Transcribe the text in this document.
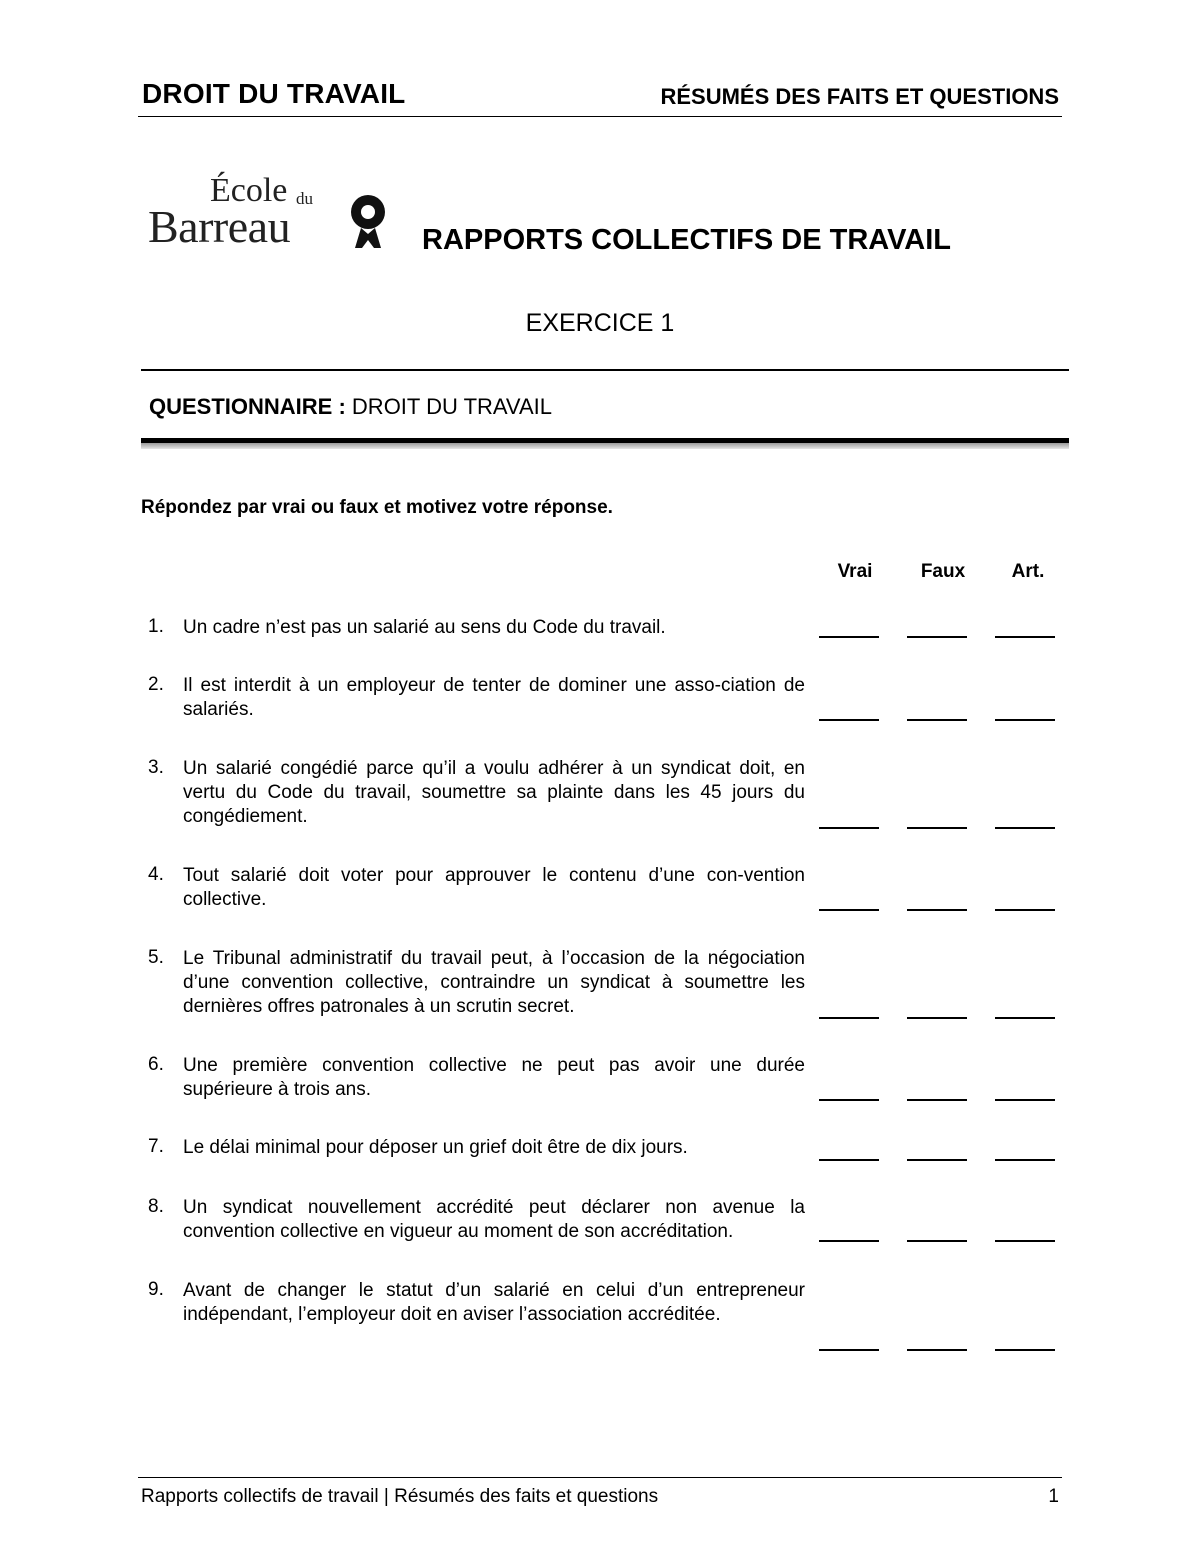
DROIT DU TRAVAIL	RÉSUMÉS DES FAITS ET QUESTIONS
École du
Barreau	RAPPORTS COLLECTIFS DE TRAVAIL
EXERCICE 1
QUESTIONNAIRE : DROIT DU TRAVAIL
Répondez par vrai ou faux et motivez votre réponse.
Vrai	Faux	Art.
1. Un cadre n’est pas un salarié au sens du Code du travail.
2. Il est interdit à un employeur de tenter de dominer une asso-ciation de salariés.
3. Un salarié congédié parce qu’il a voulu adhérer à un syndicat doit, en vertu du Code du travail, soumettre sa plainte dans les 45 jours du congédiement.
4. Tout salarié doit voter pour approuver le contenu d’une con-vention collective.
5. Le Tribunal administratif du travail peut, à l’occasion de la négociation d’une convention collective, contraindre un syndicat à soumettre les dernières offres patronales à un scrutin secret.
6. Une première convention collective ne peut pas avoir une durée supérieure à trois ans.
7. Le délai minimal pour déposer un grief doit être de dix jours.
8. Un syndicat nouvellement accrédité peut déclarer non avenue la convention collective en vigueur au moment de son accréditation.
9. Avant de changer le statut d’un salarié en celui d’un entrepreneur indépendant, l’employeur doit en aviser l’association accréditée.
Rapports collectifs de travail | Résumés des faits et questions	1
